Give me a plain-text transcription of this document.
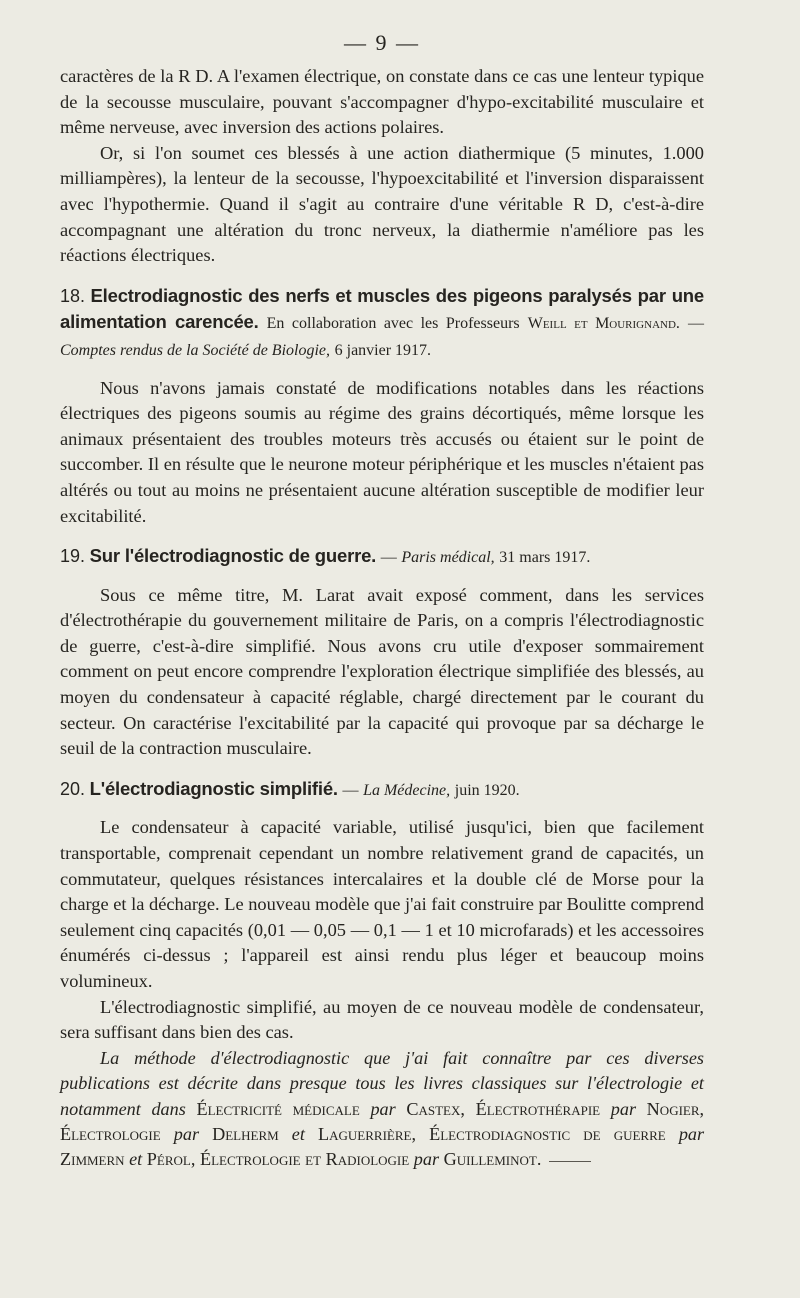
— 9 —

caractères de la R D. A l'examen électrique, on constate dans ce cas une lenteur typique de la secousse musculaire, pouvant s'accompagner d'hypo-excitabilité musculaire et même nerveuse, avec inversion des actions polaires.

Or, si l'on soumet ces blessés à une action diathermique (5 minutes, 1.000 milliampères), la lenteur de la secousse, l'hypoexcitabilité et l'inversion disparaissent avec l'hypothermie. Quand il s'agit au contraire d'une véritable R D, c'est-à-dire accompagnant une altération du tronc nerveux, la diathermie n'améliore pas les réactions électriques.

18. Electrodiagnostic des nerfs et muscles des pigeons paralysés par une alimentation carencée. En collaboration avec les Professeurs Weill et Mourignand. — Comptes rendus de la Société de Biologie, 6 janvier 1917.

Nous n'avons jamais constaté de modifications notables dans les réactions électriques des pigeons soumis au régime des grains décortiqués, même lorsque les animaux présentaient des troubles moteurs très accusés ou étaient sur le point de succomber. Il en résulte que le neurone moteur périphérique et les muscles n'étaient pas altérés ou tout au moins ne présentaient aucune altération susceptible de modifier leur excitabilité.

19. Sur l'électrodiagnostic de guerre. — Paris médical, 31 mars 1917.

Sous ce même titre, M. Larat avait exposé comment, dans les services d'électrothérapie du gouvernement militaire de Paris, on a compris l'électrodiagnostic de guerre, c'est-à-dire simplifié. Nous avons cru utile d'exposer sommairement comment on peut encore comprendre l'exploration électrique simplifiée des blessés, au moyen du condensateur à capacité réglable, chargé directement par le courant du secteur. On caractérise l'excitabilité par la capacité qui provoque par sa décharge le seuil de la contraction musculaire.

20. L'électrodiagnostic simplifié. — La Médecine, juin 1920.

Le condensateur à capacité variable, utilisé jusqu'ici, bien que facilement transportable, comprenait cependant un nombre relativement grand de capacités, un commutateur, quelques résistances intercalaires et la double clé de Morse pour la charge et la décharge. Le nouveau modèle que j'ai fait construire par Boulitte comprend seulement cinq capacités (0,01 — 0,05 — 0,1 — 1 et 10 microfarads) et les accessoires énumérés ci-dessus ; l'appareil est ainsi rendu plus léger et beaucoup moins volumineux.

L'électrodiagnostic simplifié, au moyen de ce nouveau modèle de condensateur, sera suffisant dans bien des cas.

La méthode d'électrodiagnostic que j'ai fait connaître par ces diverses publications est décrite dans presque tous les livres classiques sur l'électrologie et notamment dans Électricité médicale par Castex, Électrothérapie par Nogier, Électrologie par Delherm et Laguerrière, Électrodiagnostic de guerre par Zimmern et Pérol, Électrologie et Radiologie par Guilleminot.
